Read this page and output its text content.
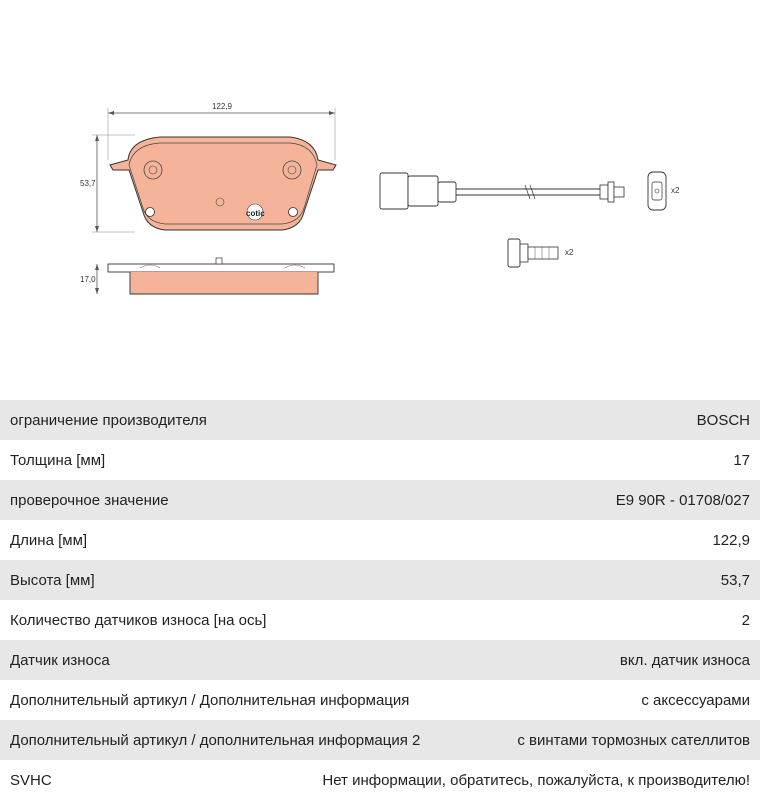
122,9
53,7
cotic
17,0
x2
x2
ограничение производителя	BOSCH
Толщина [мм]	17
проверочное значение	E9 90R - 01708/027
Длина [мм]	122,9
Высота [мм]	53,7
Количество датчиков износа [на ось]	2
Датчик износа	вкл. датчик износа
Дополнительный артикул / Дополнительная информация	с аксессуарами
Дополнительный артикул / дополнительная информация 2	с винтами тормозных сателлитов
SVHC	Нет информации, обратитесь, пожалуйста, к производителю!
